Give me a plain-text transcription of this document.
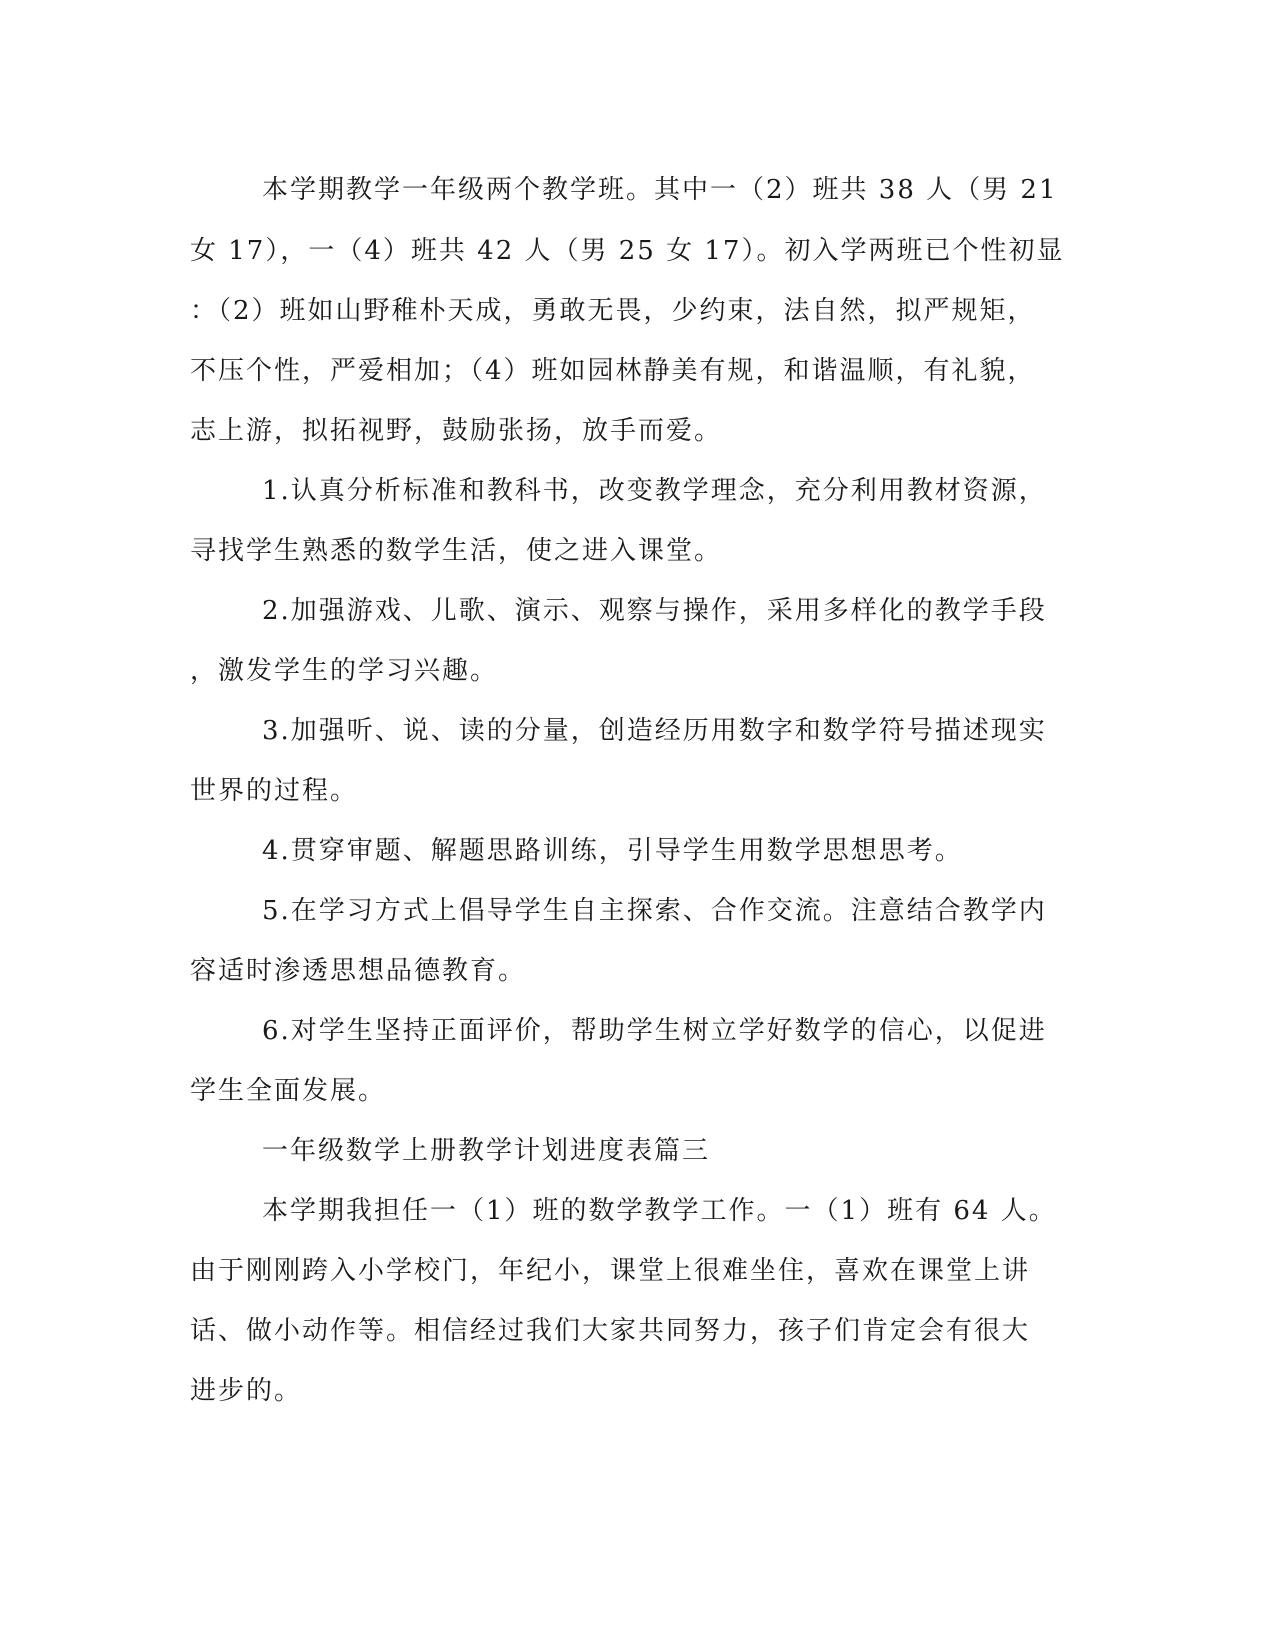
本学期教学一年级两个教学班。其中一（2）班共 38 人（男 21
女 17），一（4）班共 42 人（男 25 女 17）。初入学两班已个性初显
：（2）班如山野稚朴天成，勇敢无畏，少约束，法自然，拟严规矩，
不压个性，严爱相加；（4）班如园林静美有规，和谐温顺，有礼貌，
志上游，拟拓视野，鼓励张扬，放手而爱。
1.认真分析标准和教科书，改变教学理念，充分利用教材资源，
寻找学生熟悉的数学生活，使之进入课堂。
2.加强游戏、儿歌、演示、观察与操作，采用多样化的教学手段
，激发学生的学习兴趣。
3.加强听、说、读的分量，创造经历用数字和数学符号描述现实
世界的过程。
4.贯穿审题、解题思路训练，引导学生用数学思想思考。
5.在学习方式上倡导学生自主探索、合作交流。注意结合教学内
容适时渗透思想品德教育。
6.对学生坚持正面评价，帮助学生树立学好数学的信心，以促进
学生全面发展。
一年级数学上册教学计划进度表篇三
本学期我担任一（1）班的数学教学工作。一（1）班有 64 人。
由于刚刚跨入小学校门，年纪小，课堂上很难坐住，喜欢在课堂上讲
话、做小动作等。相信经过我们大家共同努力，孩子们肯定会有很大
进步的。
